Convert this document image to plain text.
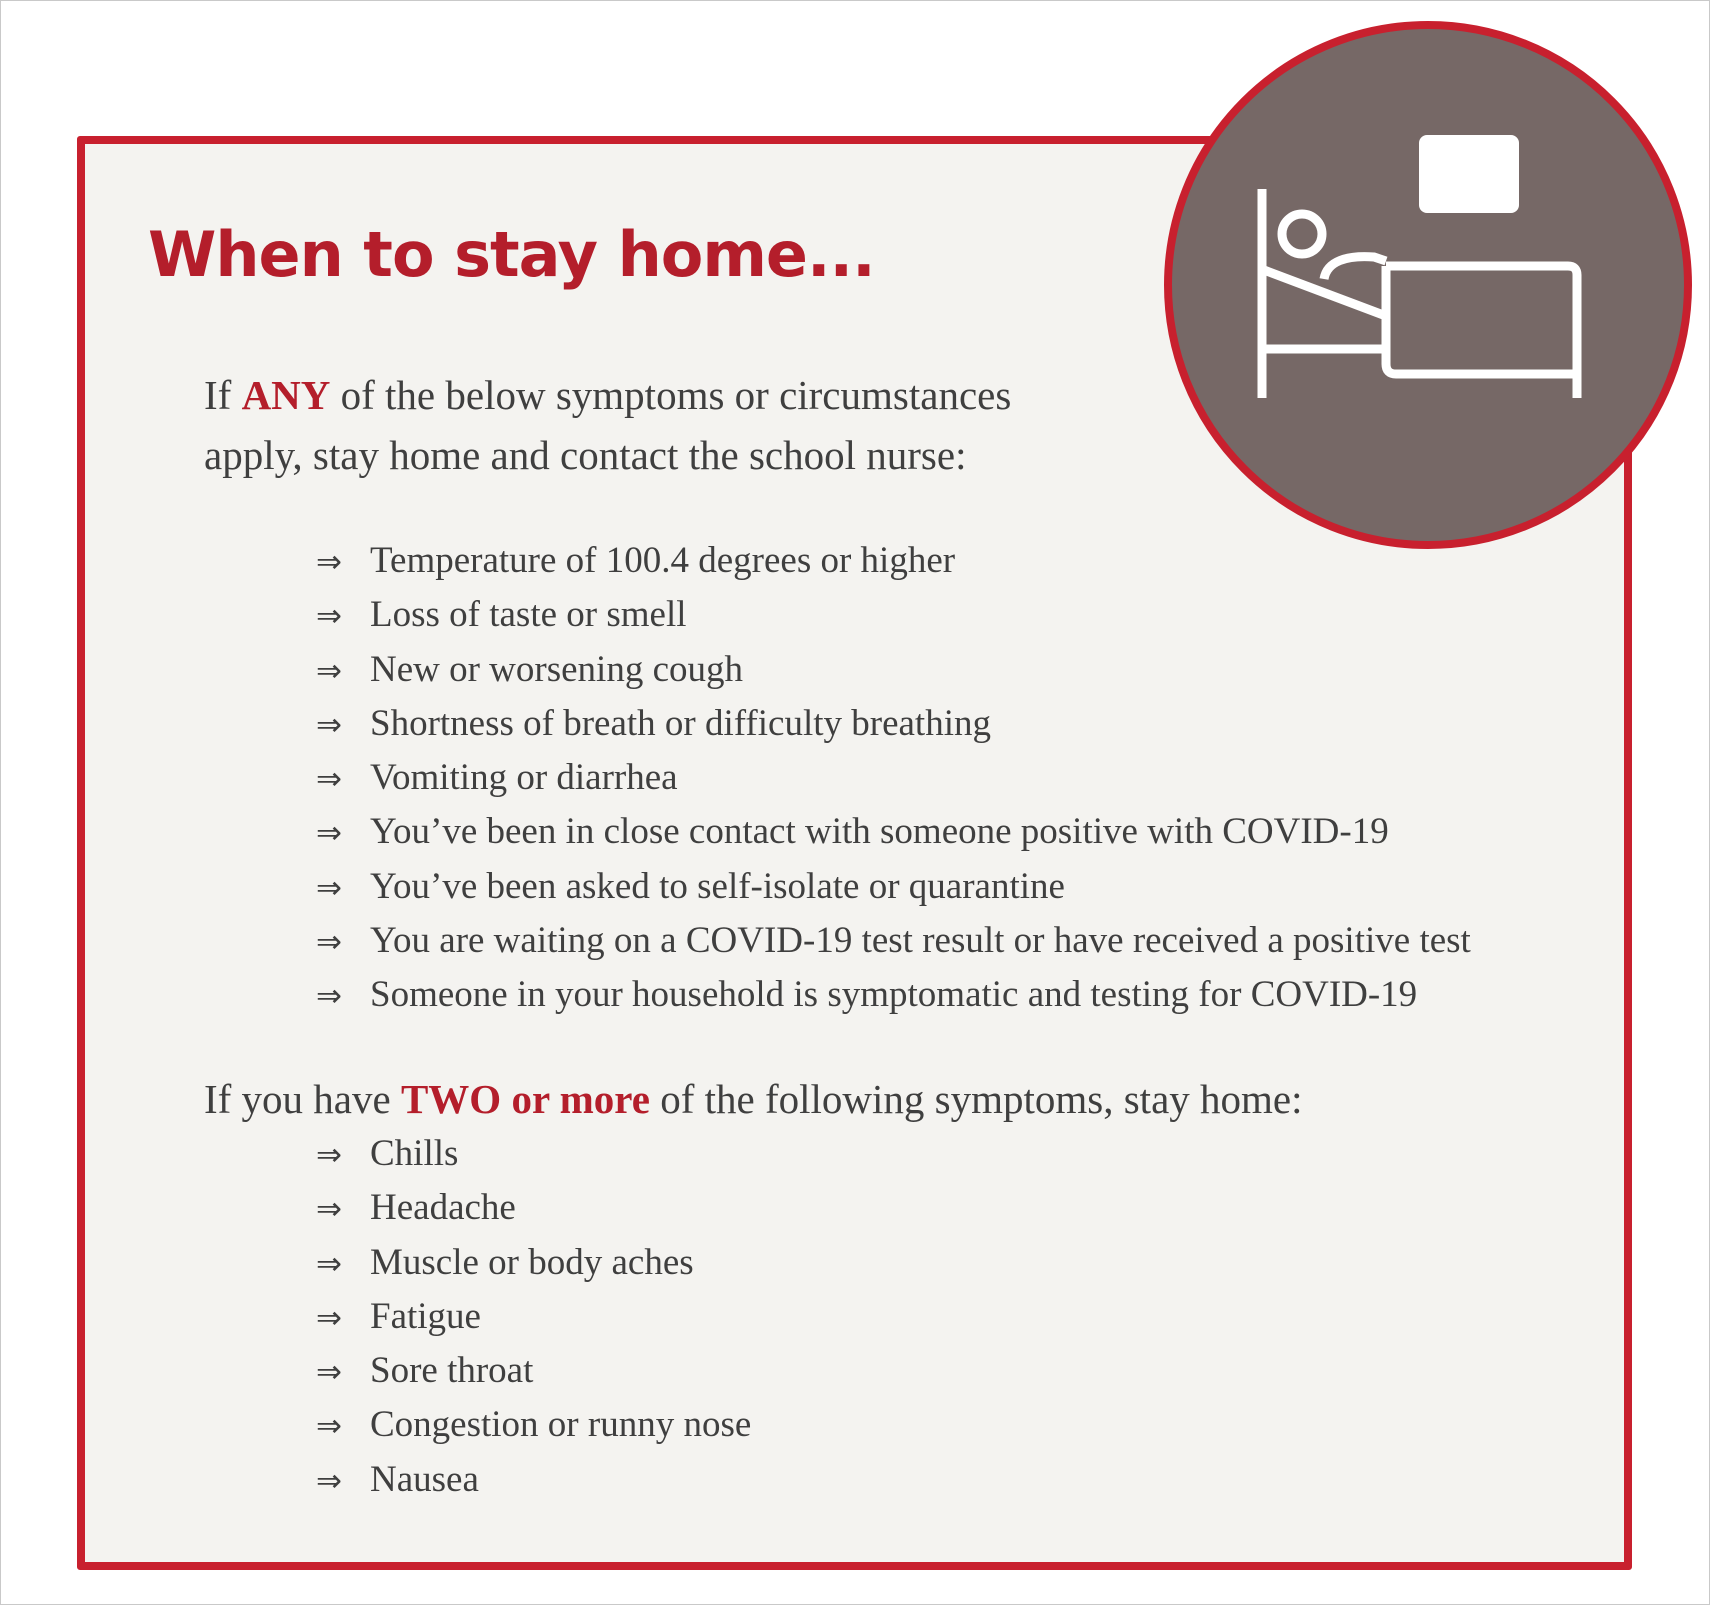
When to stay home...

If ANY of the below symptoms or circumstances apply, stay home and contact the school nurse:

⇒ Temperature of 100.4 degrees or higher
⇒ Loss of taste or smell
⇒ New or worsening cough
⇒ Shortness of breath or difficulty breathing
⇒ Vomiting or diarrhea
⇒ You’ve been in close contact with someone positive with COVID-19
⇒ You’ve been asked to self-isolate or quarantine
⇒ You are waiting on a COVID-19 test result or have received a positive test
⇒ Someone in your household is symptomatic and testing for COVID-19

If you have TWO or more of the following symptoms, stay home:

⇒ Chills
⇒ Headache
⇒ Muscle or body aches
⇒ Fatigue
⇒ Sore throat
⇒ Congestion or runny nose
⇒ Nausea
